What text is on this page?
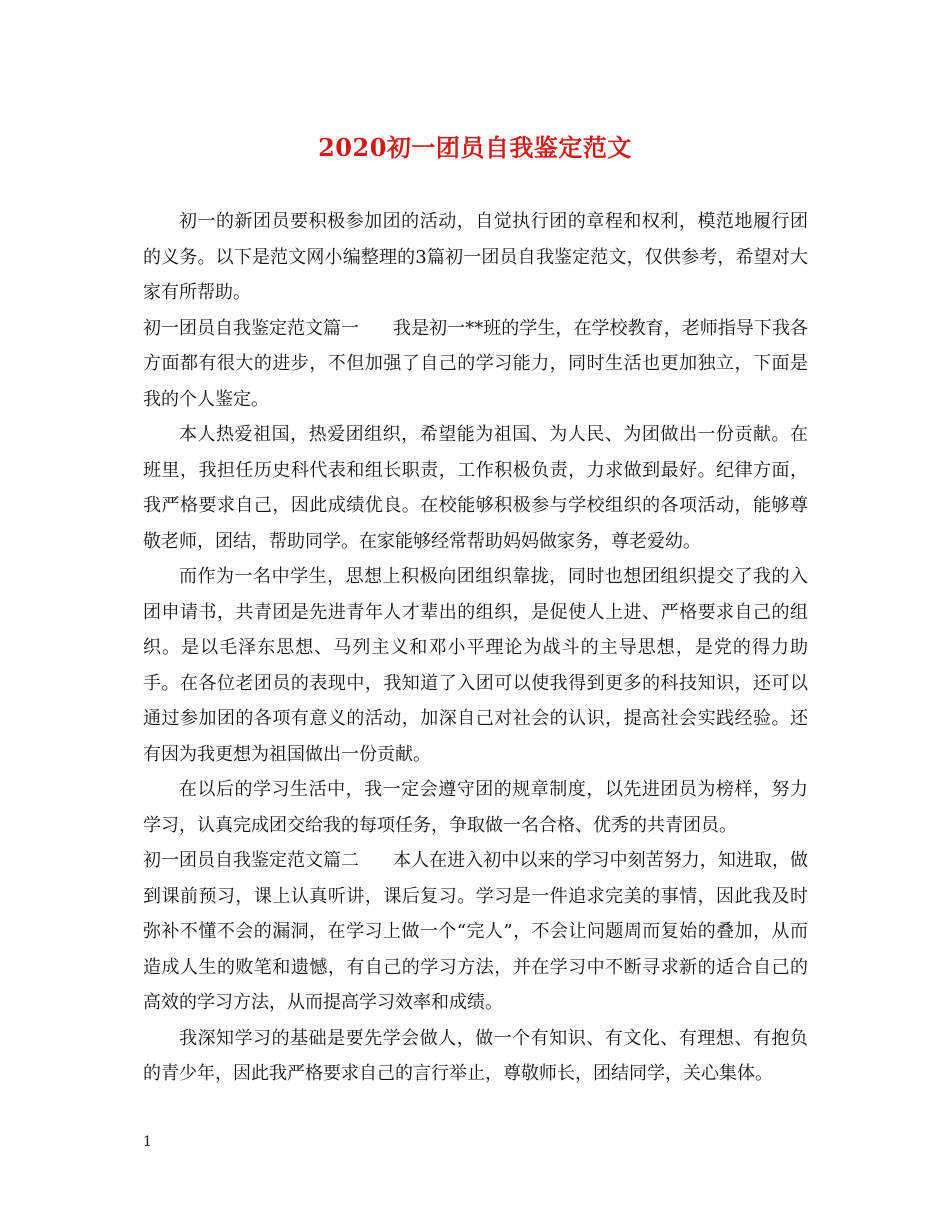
2020初一团员自我鉴定范文

初一的新团员要积极参加团的活动，自觉执行团的章程和权利，模范地履行团的义务。以下是范文网小编整理的3篇初一团员自我鉴定范文，仅供参考，希望对大家有所帮助。

初一团员自我鉴定范文篇一 我是初一**班的学生，在学校教育，老师指导下我各方面都有很大的进步，不但加强了自己的学习能力，同时生活也更加独立，下面是我的个人鉴定。

本人热爱祖国，热爱团组织，希望能为祖国、为人民、为团做出一份贡献。在班里，我担任历史科代表和组长职责，工作积极负责，力求做到最好。纪律方面，我严格要求自己，因此成绩优良。在校能够积极参与学校组织的各项活动，能够尊敬老师，团结，帮助同学。在家能够经常帮助妈妈做家务，尊老爱幼。

而作为一名中学生，思想上积极向团组织靠拢，同时也想团组织提交了我的入团申请书，共青团是先进青年人才辈出的组织，是促使人上进、严格要求自己的组织。是以毛泽东思想、马列主义和邓小平理论为战斗的主导思想，是党的得力助手。在各位老团员的表现中，我知道了入团可以使我得到更多的科技知识，还可以通过参加团的各项有意义的活动，加深自己对社会的认识，提高社会实践经验。还有因为我更想为祖国做出一份贡献。

在以后的学习生活中，我一定会遵守团的规章制度，以先进团员为榜样，努力学习，认真完成团交给我的每项任务，争取做一名合格、优秀的共青团员。

初一团员自我鉴定范文篇二 本人在进入初中以来的学习中刻苦努力，知进取，做到课前预习，课上认真听讲，课后复习。学习是一件追求完美的事情，因此我及时弥补不懂不会的漏洞，在学习上做一个“完人”，不会让问题周而复始的叠加，从而造成人生的败笔和遗憾，有自己的学习方法，并在学习中不断寻求新的适合自己的高效的学习方法，从而提高学习效率和成绩。

我深知学习的基础是要先学会做人，做一个有知识、有文化、有理想、有抱负的青少年，因此我严格要求自己的言行举止，尊敬师长，团结同学，关心集体。

1
